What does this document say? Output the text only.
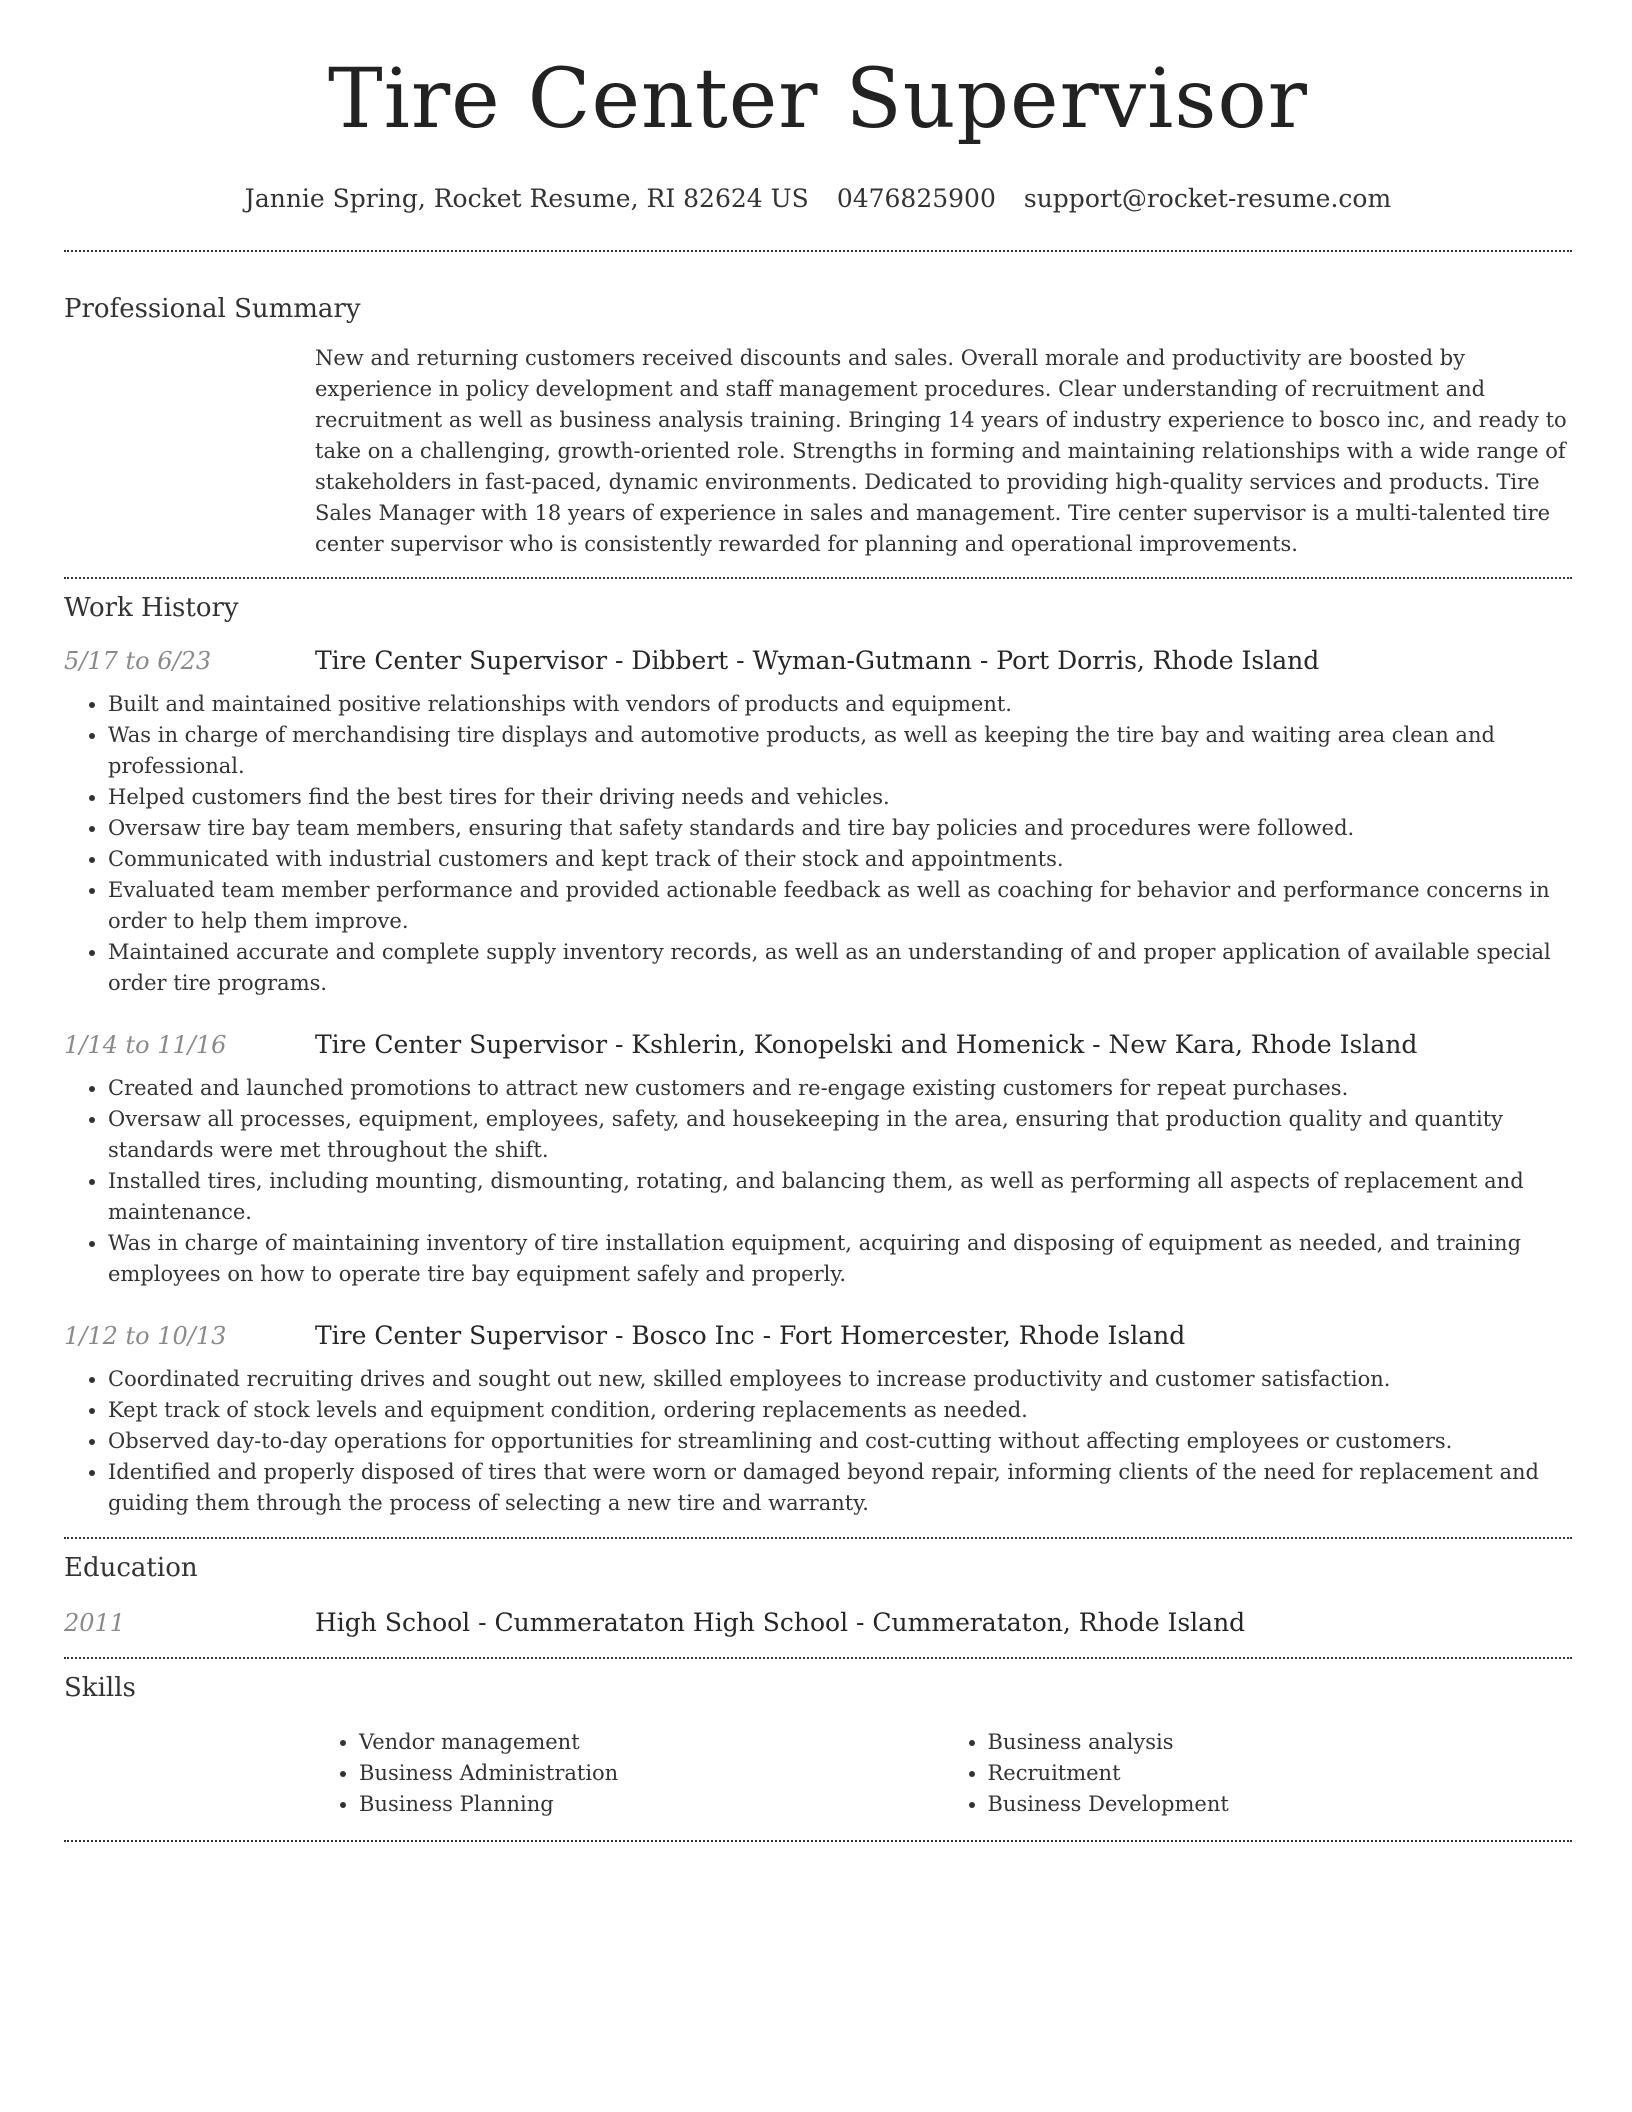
Tire Center Supervisor
Jannie Spring, Rocket Resume, RI 82624 US 0476825900 support@rocket-resume.com
Professional Summary
New and returning customers received discounts and sales. Overall morale and productivity are boosted by experience in policy development and staff management procedures. Clear understanding of recruitment and recruitment as well as business analysis training. Bringing 14 years of industry experience to bosco inc, and ready to take on a challenging, growth-oriented role. Strengths in forming and maintaining relationships with a wide range of stakeholders in fast-paced, dynamic environments. Dedicated to providing high-quality services and products. Tire Sales Manager with 18 years of experience in sales and management. Tire center supervisor is a multi-talented tire center supervisor who is consistently rewarded for planning and operational improvements.
Work History
5/17 to 6/23	Tire Center Supervisor - Dibbert - Wyman-Gutmann - Port Dorris, Rhode Island
• Built and maintained positive relationships with vendors of products and equipment.
• Was in charge of merchandising tire displays and automotive products, as well as keeping the tire bay and waiting area clean and professional.
• Helped customers find the best tires for their driving needs and vehicles.
• Oversaw tire bay team members, ensuring that safety standards and tire bay policies and procedures were followed.
• Communicated with industrial customers and kept track of their stock and appointments.
• Evaluated team member performance and provided actionable feedback as well as coaching for behavior and performance concerns in order to help them improve.
• Maintained accurate and complete supply inventory records, as well as an understanding of and proper application of available special order tire programs.
1/14 to 11/16	Tire Center Supervisor - Kshlerin, Konopelski and Homenick - New Kara, Rhode Island
• Created and launched promotions to attract new customers and re-engage existing customers for repeat purchases.
• Oversaw all processes, equipment, employees, safety, and housekeeping in the area, ensuring that production quality and quantity standards were met throughout the shift.
• Installed tires, including mounting, dismounting, rotating, and balancing them, as well as performing all aspects of replacement and maintenance.
• Was in charge of maintaining inventory of tire installation equipment, acquiring and disposing of equipment as needed, and training employees on how to operate tire bay equipment safely and properly.
1/12 to 10/13	Tire Center Supervisor - Bosco Inc - Fort Homercester, Rhode Island
• Coordinated recruiting drives and sought out new, skilled employees to increase productivity and customer satisfaction.
• Kept track of stock levels and equipment condition, ordering replacements as needed.
• Observed day-to-day operations for opportunities for streamlining and cost-cutting without affecting employees or customers.
• Identified and properly disposed of tires that were worn or damaged beyond repair, informing clients of the need for replacement and guiding them through the process of selecting a new tire and warranty.
Education
2011	High School - Cummerataton High School - Cummerataton, Rhode Island
Skills
• Vendor management
• Business Administration
• Business Planning
• Business analysis
• Recruitment
• Business Development
